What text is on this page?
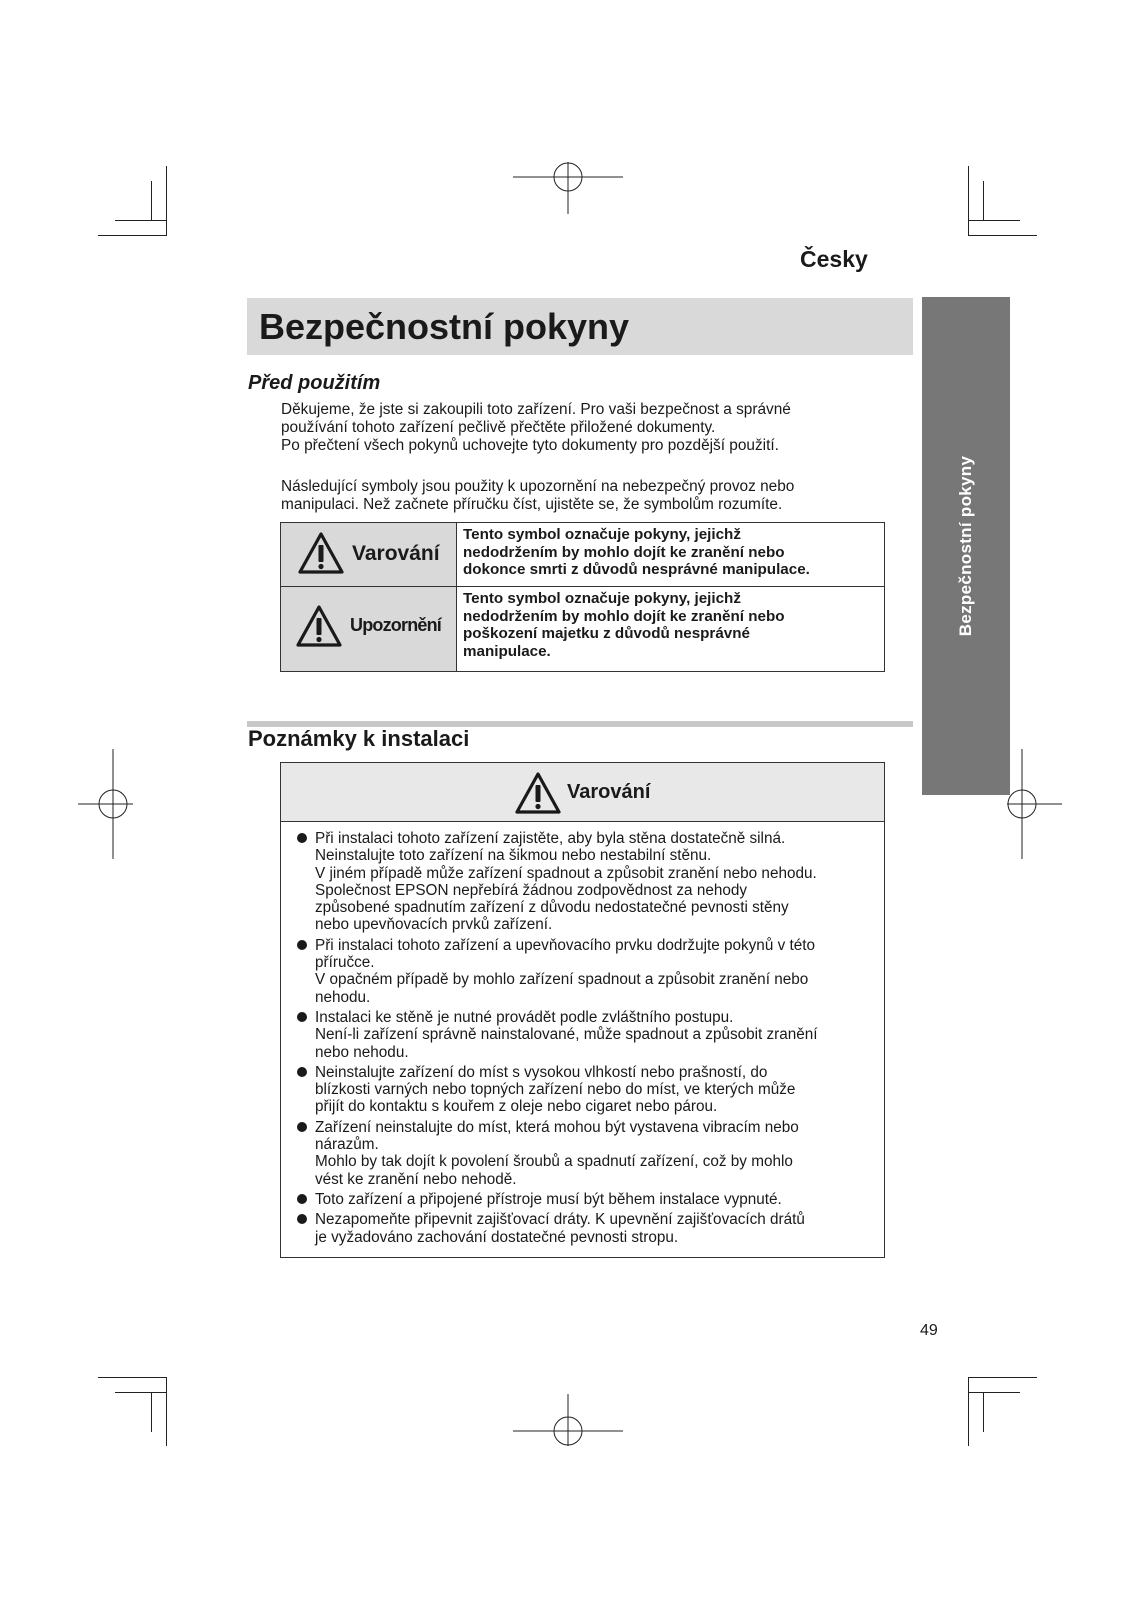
Česky
Bezpečnostní pokyny
Bezpečnostní pokyny
Před použitím
Děkujeme, že jste si zakoupili toto zařízení. Pro vaši bezpečnost a správné
používání tohoto zařízení pečlivě přečtěte přiložené dokumenty.
Po přečtení všech pokynů uchovejte tyto dokumenty pro pozdější použití.
Následující symboly jsou použity k upozornění na nebezpečný provoz nebo
manipulaci. Než začnete příručku číst, ujistěte se, že symbolům rozumíte.
Varování
Tento symbol označuje pokyny, jejichž
nedodržením by mohlo dojít ke zranění nebo
dokonce smrti z důvodů nesprávné manipulace.
Upozornění
Tento symbol označuje pokyny, jejichž
nedodržením by mohlo dojít ke zranění nebo
poškození majetku z důvodů nesprávné
manipulace.
Poznámky k instalaci
Varování
Při instalaci tohoto zařízení zajistěte, aby byla stěna dostatečně silná.
Neinstalujte toto zařízení na šikmou nebo nestabilní stěnu.
V jiném případě může zařízení spadnout a způsobit zranění nebo nehodu.
Společnost EPSON nepřebírá žádnou zodpovědnost za nehody
způsobené spadnutím zařízení z důvodu nedostatečné pevnosti stěny
nebo upevňovacích prvků zařízení.
Při instalaci tohoto zařízení a upevňovacího prvku dodržujte pokynů v této
příručce.
V opačném případě by mohlo zařízení spadnout a způsobit zranění nebo
nehodu.
Instalaci ke stěně je nutné provádět podle zvláštního postupu.
Není-li zařízení správně nainstalované, může spadnout a způsobit zranění
nebo nehodu.
Neinstalujte zařízení do míst s vysokou vlhkostí nebo prašností, do
blízkosti varných nebo topných zařízení nebo do míst, ve kterých může
přijít do kontaktu s kouřem z oleje nebo cigaret nebo párou.
Zařízení neinstalujte do míst, která mohou být vystavena vibracím nebo
nárazům.
Mohlo by tak dojít k povolení šroubů a spadnutí zařízení, což by mohlo
vést ke zranění nebo nehodě.
Toto zařízení a připojené přístroje musí být během instalace vypnuté.
Nezapomeňte připevnit zajišťovací dráty. K upevnění zajišťovacích drátů
je vyžadováno zachování dostatečné pevnosti stropu.
49
